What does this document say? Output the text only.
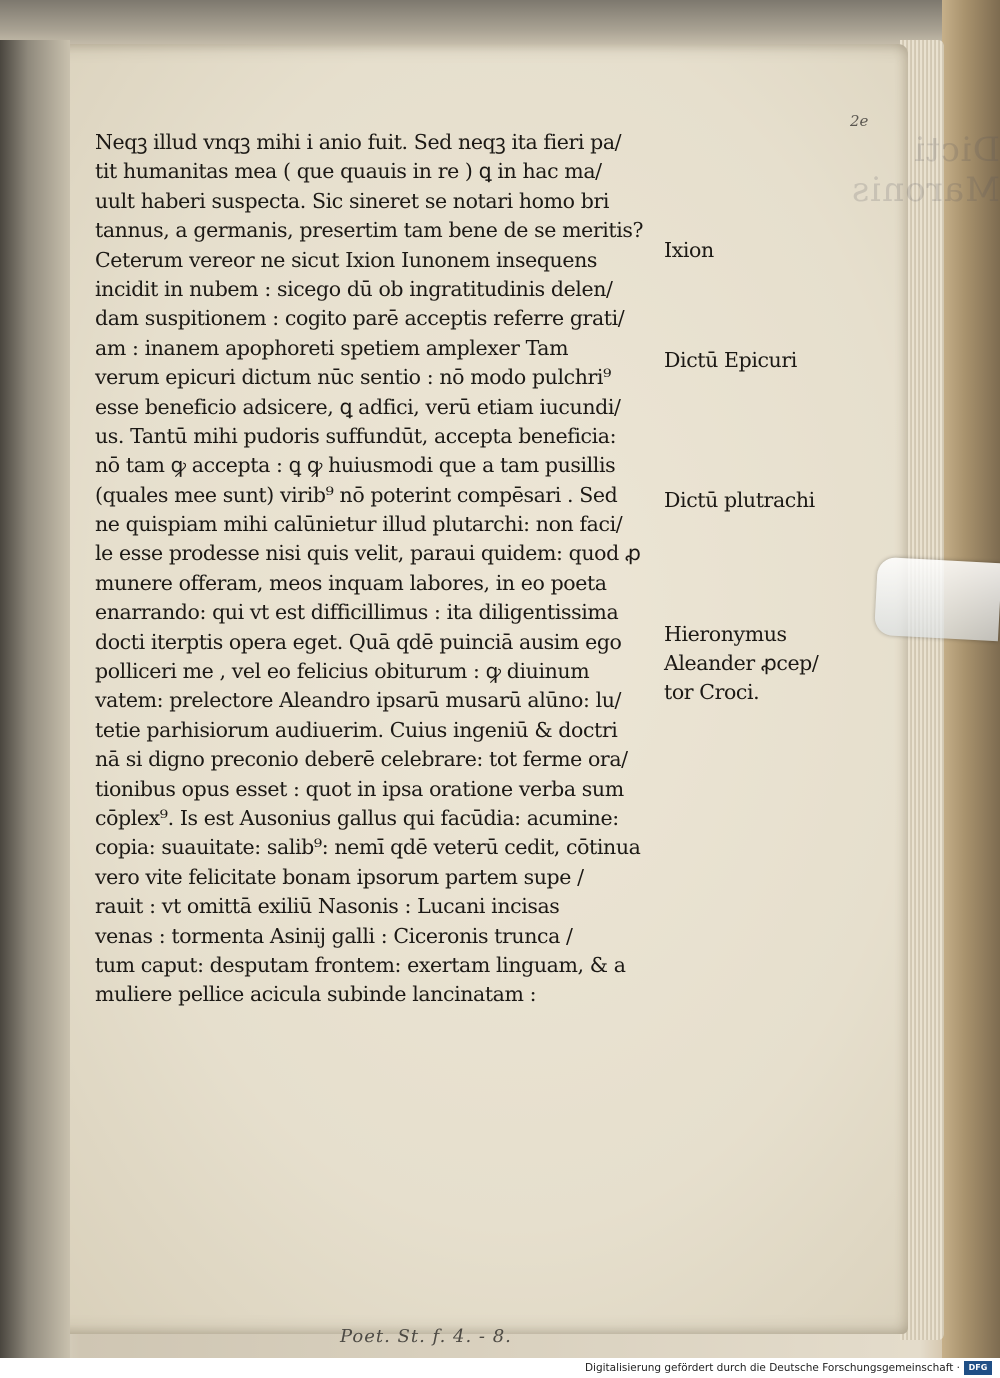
Dicti Maronis
2e
Neqꝫ illud vnqꝫ mihi i anio fuit. Sed neqꝫ ita fieri pa/
tit humanitas mea ( que quauis in re ) ꝗ in hac ma/
uult haberi suspecta. Sic sineret se notari homo bri
tannus, a germanis, presertim tam bene de se meritis?
Ceterum vereor ne sicut Ixion Iunonem insequens
incidit in nubem : sicego dū ob ingratitudinis delen/
dam suspitionem : cogito parē acceptis referre grati/
am : inanem apophoreti spetiem amplexer Tam
verum epicuri dictum nūc sentio : nō modo pulchri⁹
esse beneficio adsicere, ꝗ adfici, verū etiam iucundi/
us. Tantū mihi pudoris suffundūt, accepta beneficia:
nō tam ꝙ accepta : ꝗ ꝙ huiusmodi que a tam pusillis
(quales mee sunt) virib⁹ nō poterint compēsari . Sed
ne quispiam mihi calūnietur illud plutarchi: non faci/
le esse prodesse nisi quis velit, paraui quidem: quod ꝓ
munere offeram, meos inquam labores, in eo poeta
enarrando: qui vt est difficillimus : ita diligentissima
docti iterptis opera eget. Quā qdē puinciā ausim ego
polliceri me , vel eo felicius obiturum : ꝙ diuinum
vatem: prelectore Aleandro ipsarū musarū alūno: lu/
tetie parhisiorum audiuerim. Cuius ingeniū & doctri
nā si digno preconio deberē celebrare: tot ferme ora/
tionibus opus esset : quot in ipsa oratione verba sum
cōplex⁹. Is est Ausonius gallus qui facūdia: acumine:
copia: suauitate: salib⁹: nemī qdē veterū cedit, cōtinua
vero vite felicitate bonam ipsorum partem supe /
rauit : vt omittā exiliū Nasonis : Lucani incisas
venas : tormenta Asinij galli : Ciceronis trunca /
tum caput: desputam frontem: exertam linguam, & a
muliere pellice acicula subinde lancinatam :
Ixion
Dictū Epicuri
Dictū plutrachi
Hieronymus
Aleander ꝓcep/
tor Croci.
Poet. St. f. 4. - 8.
Digitalisierung gefördert durch die Deutsche Forschungsgemeinschaft ·	DFG
